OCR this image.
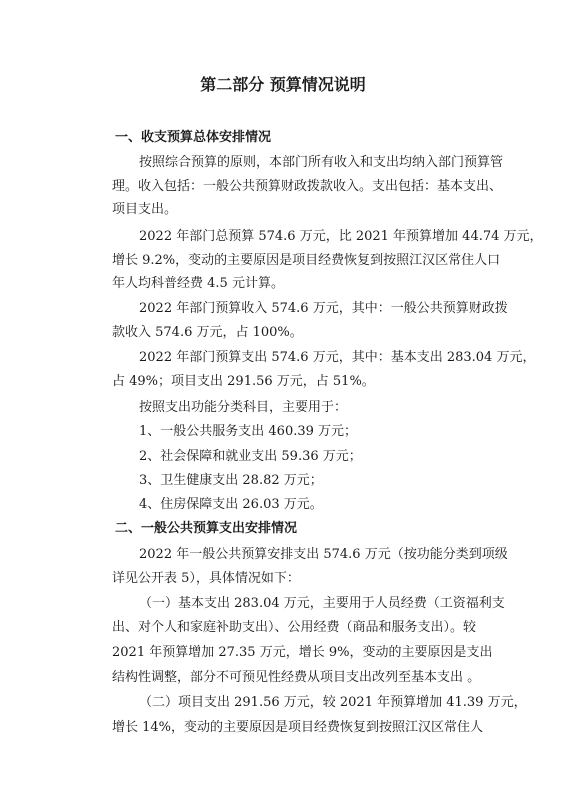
第二部分 预算情况说明
一、收支预算总体安排情况
按照综合预算的原则，本部门所有收入和支出均纳入部门预算管
理。收入包括：一般公共预算财政拨款收入。支出包括：基本支出、
项目支出。
2022 年部门总预算 574.6 万元，比 2021 年预算增加 44.74 万元，
增长 9.2%，变动的主要原因是项目经费恢复到按照江汉区常住人口
年人均科普经费 4.5 元计算。
2022 年部门预算收入 574.6 万元，其中：一般公共预算财政拨
款收入 574.6 万元，占 100%。
2022 年部门预算支出 574.6 万元，其中：基本支出 283.04 万元，
占 49%；项目支出 291.56 万元，占 51%。
按照支出功能分类科目，主要用于：
1、一般公共服务支出 460.39 万元；
2、社会保障和就业支出 59.36 万元；
3、卫生健康支出 28.82 万元；
4、住房保障支出 26.03 万元。
二、一般公共预算支出安排情况
2022 年一般公共预算安排支出 574.6 万元（按功能分类到项级
详见公开表 5），具体情况如下：
（一）基本支出 283.04 万元，主要用于人员经费（工资福利支
出、对个人和家庭补助支出）、公用经费（商品和服务支出）。较
2021 年预算增加 27.35 万元，增长 9%，变动的主要原因是支出
结构性调整，部分不可预见性经费从项目支出改列至基本支出 。
（二）项目支出 291.56 万元，较 2021 年预算增加 41.39 万元，
增长 14%，变动的主要原因是项目经费恢复到按照江汉区常住人
